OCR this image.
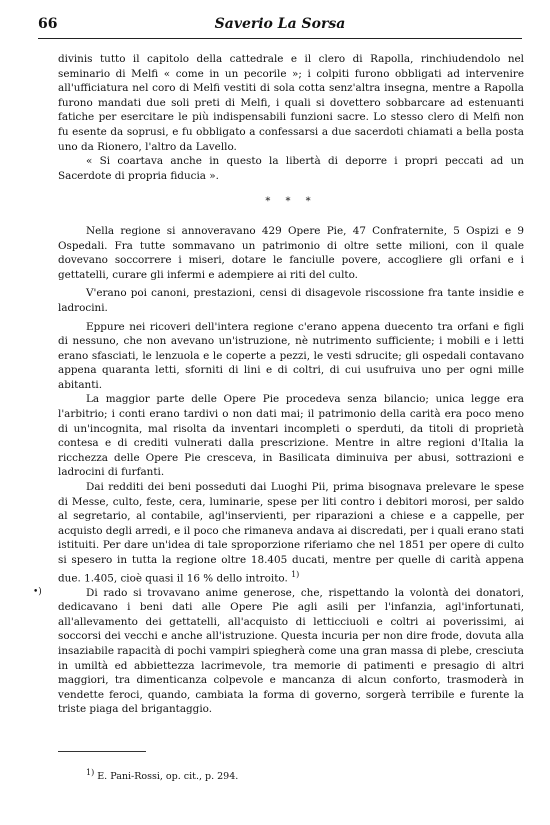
66	Saverio La Sorsa

divinis tutto il capitolo della cattedrale e il clero di Rapolla, rinchiudendolo nel seminario di Melfi « come in un pecorile »; i colpiti furono obbligati ad intervenire all'ufficiatura nel coro di Melfi vestiti di sola cotta senz'altra insegna, mentre a Rapolla furono mandati due soli preti di Melfi, i quali si dovettero sobbarcare ad estenuanti fatiche per esercitare le più indispensabili funzioni sacre. Lo stesso clero di Melfi non fu esente da soprusi, e fu obbligato a confessarsi a due sacerdoti chiamati a bella posta uno da Rionero, l'altro da Lavello.

« Si coartava anche in questo la libertà di deporre i propri peccati ad un Sacerdote di propria fiducia ».

* * *

Nella regione si annoveravano 429 Opere Pie, 47 Confraternite, 5 Ospizi e 9 Ospedali. Fra tutte sommavano un patrimonio di oltre sette milioni, con il quale dovevano soccorrere i miseri, dotare le fanciulle povere, accogliere gli orfani e i gettatelli, curare gli infermi e adempiere ai riti del culto.

V'erano poi canoni, prestazioni, censi di disagevole riscossione fra tante insidie e ladrocini.

Eppure nei ricoveri dell'intera regione c'erano appena duecento tra orfani e figli di nessuno, che non avevano un'istruzione, nè nutrimento sufficiente; i mobili e i letti erano sfasciati, le lenzuola e le coperte a pezzi, le vesti sdrucite; gli ospedali contavano appena quaranta letti, sforniti di lini e di coltri, di cui usufruiva uno per ogni mille abitanti.

La maggior parte delle Opere Pie procedeva senza bilancio; unica legge era l'arbitrio; i conti erano tardivi o non dati mai; il patrimonio della carità era poco meno di un'incognita, mal risolta da inventari incompleti o sperduti, da titoli di proprietà contesa e di crediti vulnerati dalla prescrizione. Mentre in altre regioni d'Italia la ricchezza delle Opere Pie cresceva, in Basilicata diminuiva per abusi, sottrazioni e ladrocini di furfanti.

Dai redditi dei beni posseduti dai Luoghi Pii, prima bisognava prelevare le spese di Messe, culto, feste, cera, luminarie, spese per liti contro i debitori morosi, per saldo al segretario, al contabile, agl'inservienti, per riparazioni a chiese e a cappelle, per acquisto degli arredi, e il poco che rimaneva andava ai discredati, per i quali erano stati istituiti. Per dare un'idea di tale sproporzione riferiamo che nel 1851 per opere di culto si spesero in tutta la regione oltre 18.405 ducati, mentre per quelle di carità appena due. 1.405, cioè quasi il 16 % dello introito. $^{1)}$

Di rado si trovavano anime generose, che, rispettando la volontà dei donatori, dedicavano i beni dati alle Opere Pie agli asili per l'infanzia, agl'infortunati, all'allevamento dei gettatelli, all'acquisto di letticciuoli e coltri ai poverissimi, ai soccorsi dei vecchi e anche all'istruzione. Questa incuria per non dire frode, dovuta alla insaziabile rapacità di pochi vampiri spiegherà come una gran massa di plebe, cresciuta in umiltà ed abbiettezza lacrimevole, tra memorie di patimenti e presagio di altri maggiori, tra dimenticanza colpevole e mancanza di alcun conforto, trasmoderà in vendette feroci, quando, cambiata la forma di governo, sorgerà terribile e furente la triste piaga del brigantaggio.

•)
$^{1)}$ E. Pani-Rossi, op. cit., p. 294.
